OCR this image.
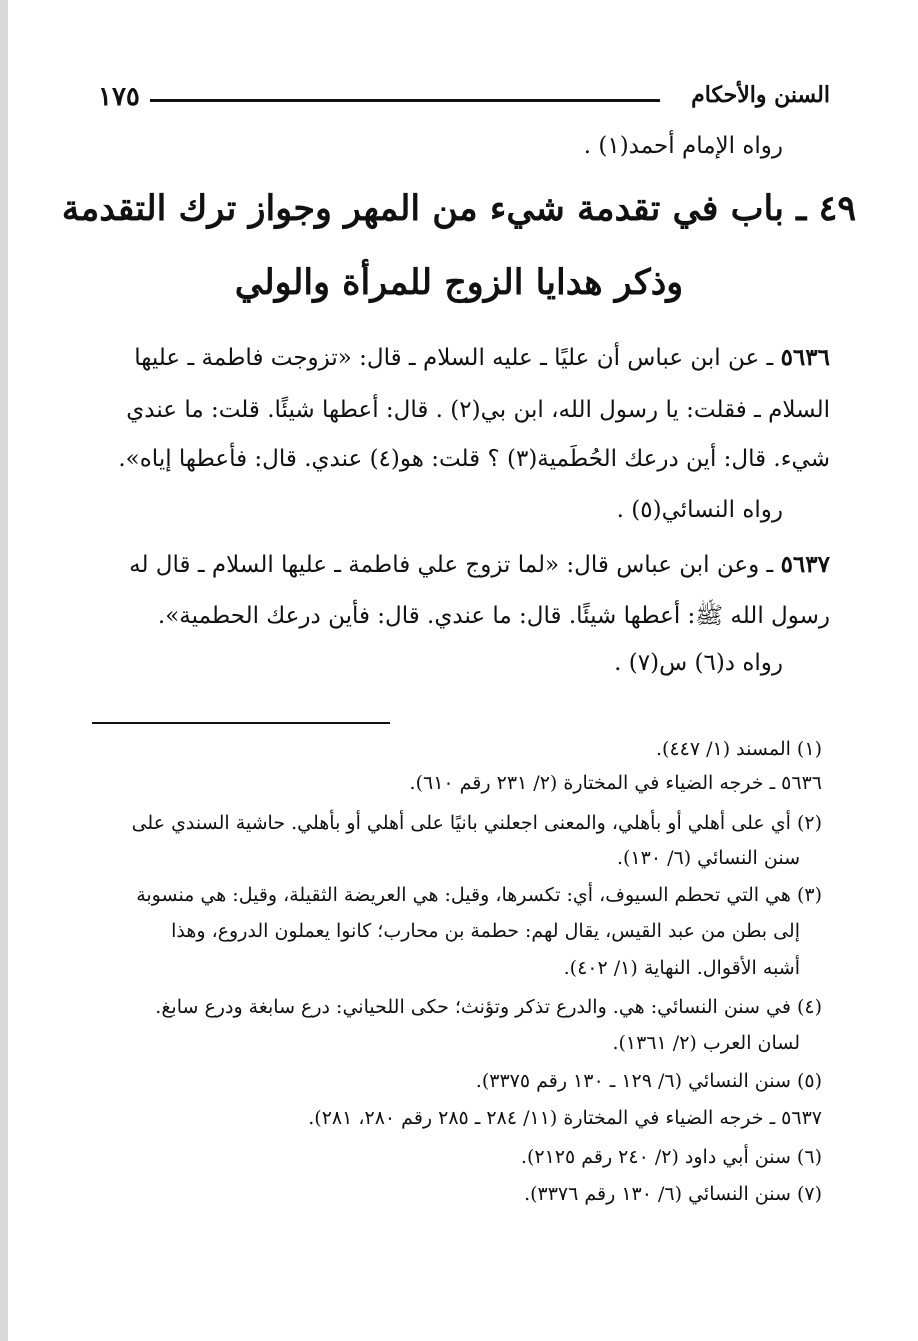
السنن والأحكام
١٧٥
رواه الإمام أحمد(١) .
٤٩ ـ باب في تقدمة شيء من المهر وجواز ترك التقدمة
وذكر هدايا الزوج للمرأة والولي
٥٦٣٦ ـ عن ابن عباس أن عليًا ـ عليه السلام ـ قال: «تزوجت فاطمة ـ عليها
السلام ـ فقلت: يا رسول الله، ابن بي(٢) . قال: أعطها شيئًا. قلت: ما عندي
شيء. قال: أين درعك الحُطَمية(٣) ؟ قلت: هو(٤) عندي. قال: فأعطها إياه».
رواه النسائي(٥) .
٥٦٣٧ ـ وعن ابن عباس قال: «لما تزوج علي فاطمة ـ عليها السلام ـ قال له
رسول الله ﷺ: أعطها شيئًا. قال: ما عندي. قال: فأين درعك الحطمية».
رواه د(٦) س(٧) .
(١) المسند (١/ ٤٤٧).
٥٦٣٦ ـ خرجه الضياء في المختارة (٢/ ٢٣١ رقم ٦١٠).
(٢) أي على أهلي أو بأهلي، والمعنى اجعلني بانيًا على أهلي أو بأهلي. حاشية السندي على
سنن النسائي (٦/ ١٣٠).
(٣) هي التي تحطم السيوف، أي: تكسرها، وقيل: هي العريضة الثقيلة، وقيل: هي منسوبة
إلى بطن من عبد القيس، يقال لهم: حطمة بن محارب؛ كانوا يعملون الدروع، وهذا
أشبه الأقوال. النهاية (١/ ٤٠٢).
(٤) في سنن النسائي: هي. والدرع تذكر وتؤنث؛ حكى اللحياني: درع سابغة ودرع سابغ.
لسان العرب (٢/ ١٣٦١).
(٥) سنن النسائي (٦/ ١٢٩ ـ ١٣٠ رقم ٣٣٧٥).
٥٦٣٧ ـ خرجه الضياء في المختارة (١١/ ٢٨٤ ـ ٢٨٥ رقم ٢٨٠، ٢٨١).
(٦) سنن أبي داود (٢/ ٢٤٠ رقم ٢١٢٥).
(٧) سنن النسائي (٦/ ١٣٠ رقم ٣٣٧٦).
